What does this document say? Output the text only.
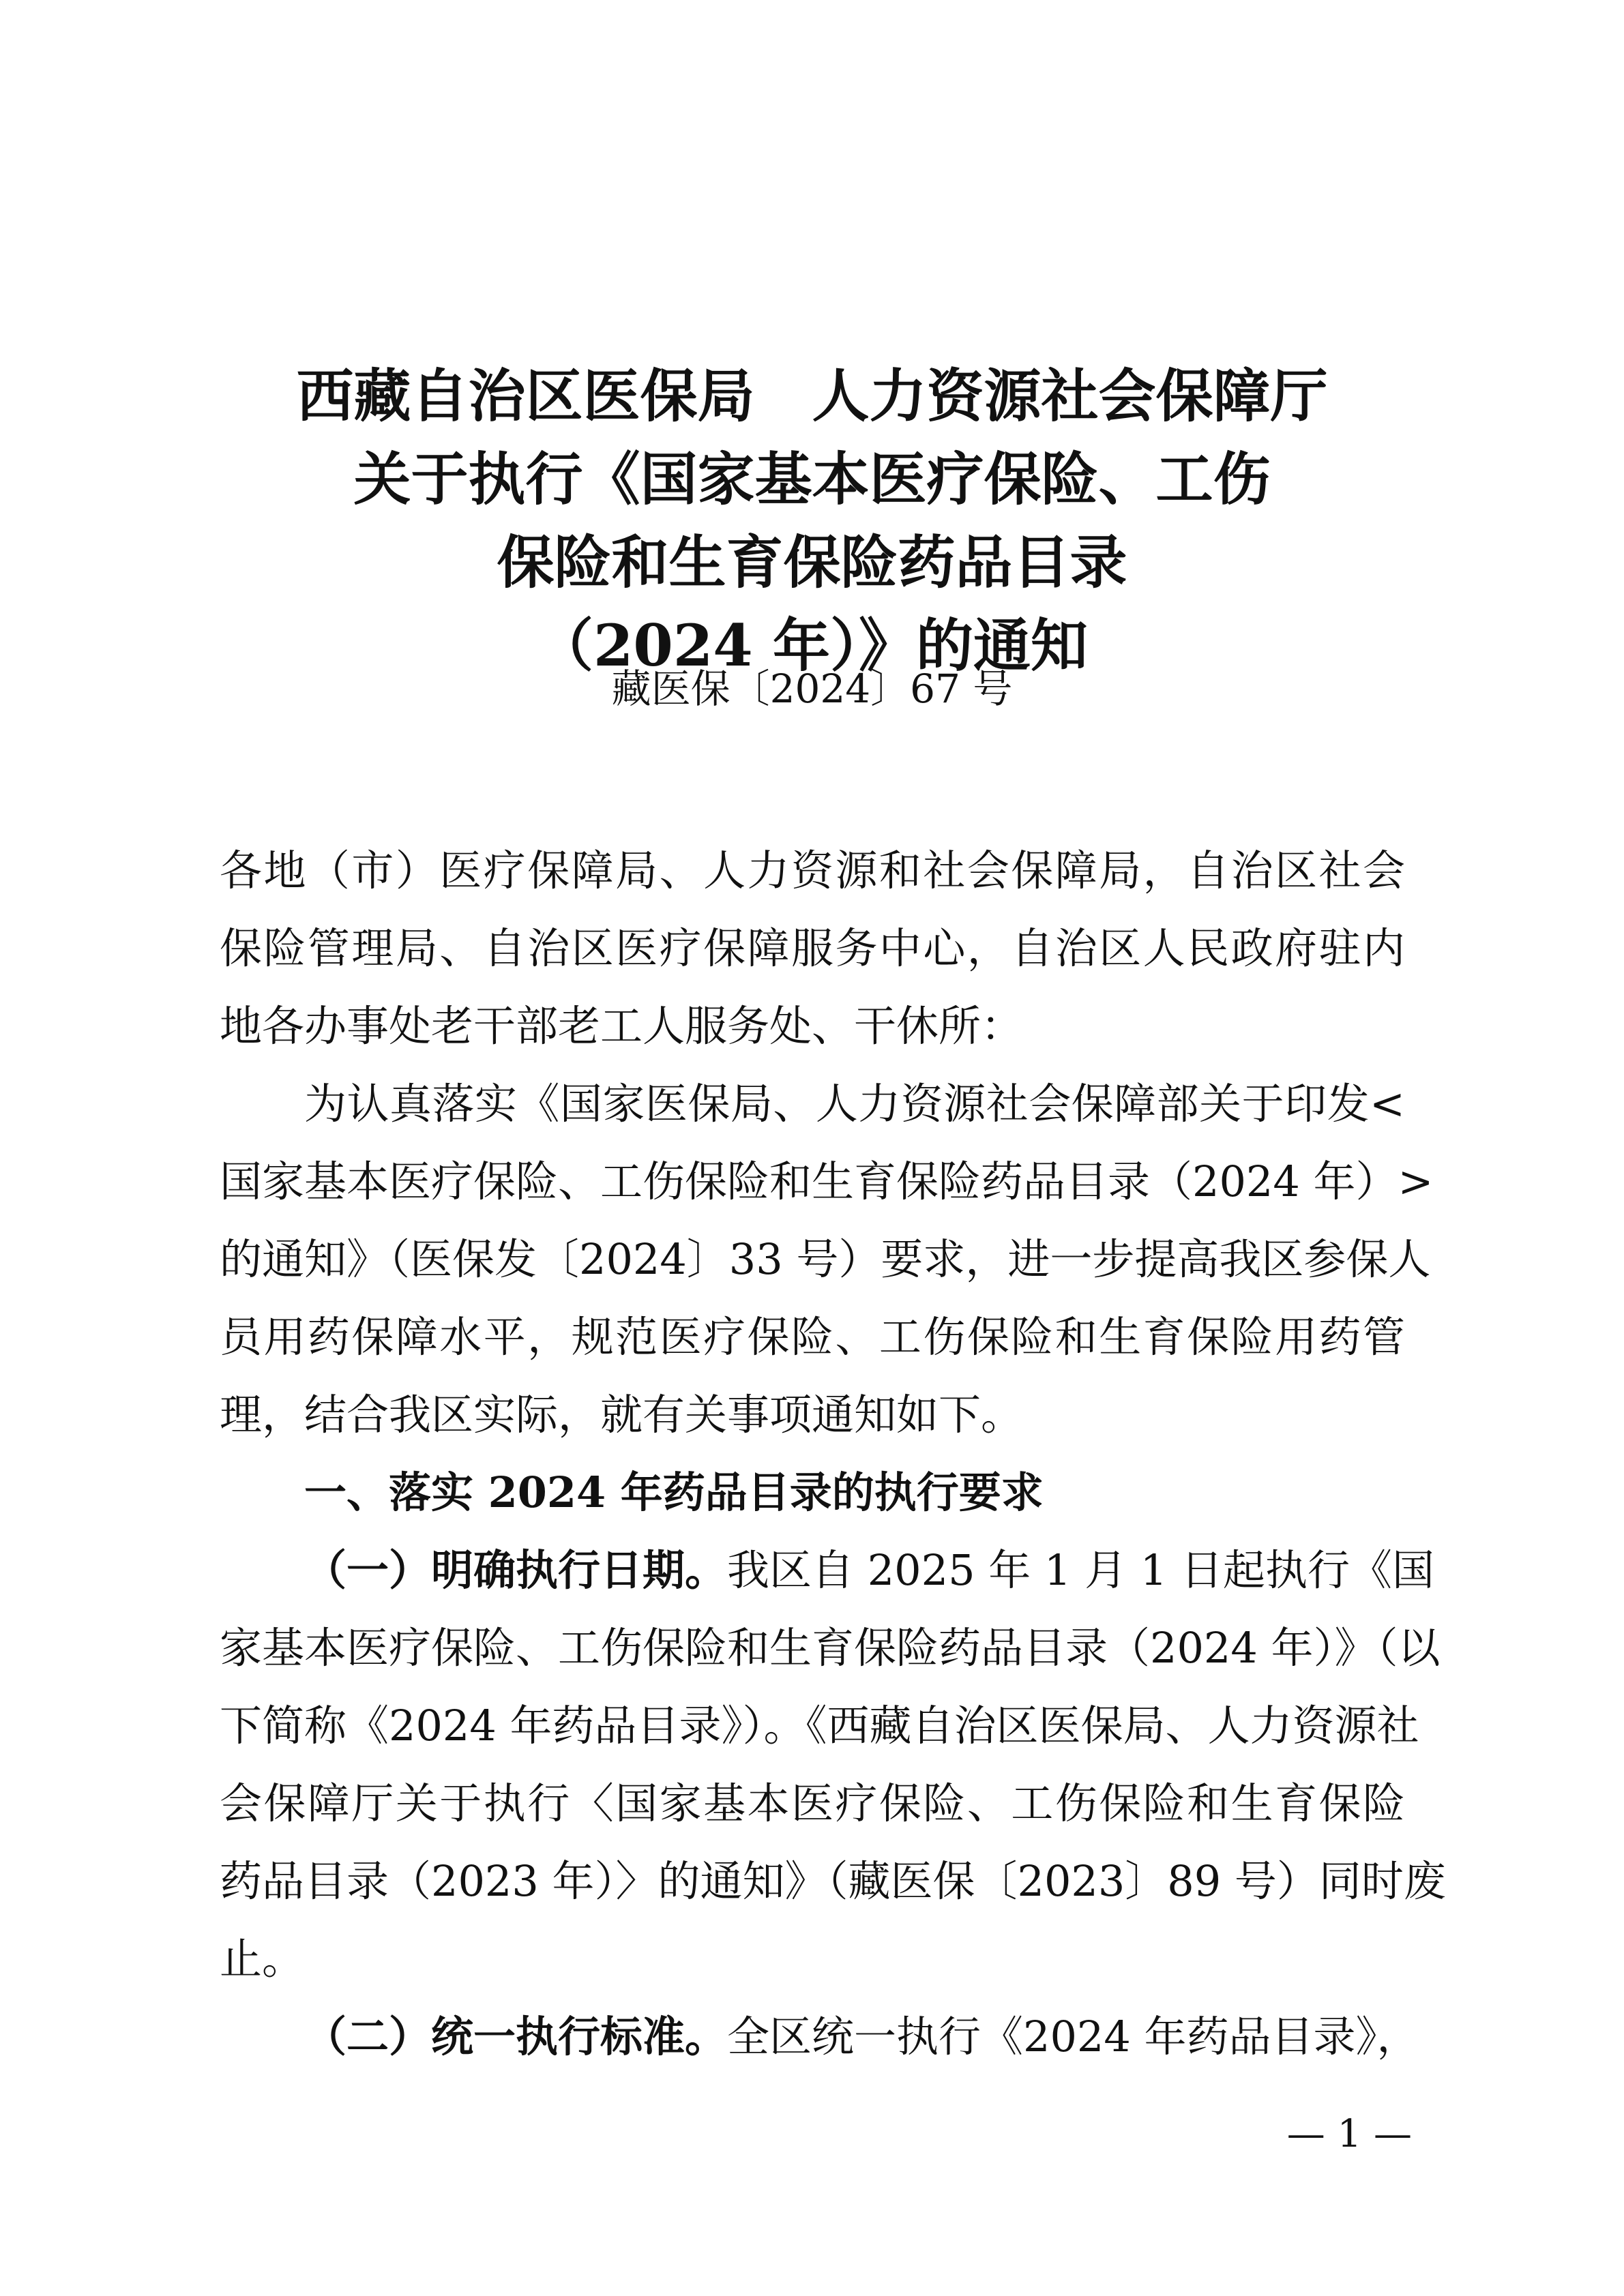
西藏自治区医保局　人力资源社会保障厅
关于执行《国家基本医疗保险、工伤
保险和生育保险药品目录
（2024 年）》的通知
藏医保〔2024〕67 号
各地（市）医疗保障局、人力资源和社会保障局，自治区社会
保险管理局、自治区医疗保障服务中心，自治区人民政府驻内
地各办事处老干部老工人服务处、干休所：
为认真落实《国家医保局、人力资源社会保障部关于印发<
国家基本医疗保险、工伤保险和生育保险药品目录（2024 年）>
的通知》（医保发〔2024〕33 号）要求，进一步提高我区参保人
员用药保障水平，规范医疗保险、工伤保险和生育保险用药管
理，结合我区实际，就有关事项通知如下。
一、落实 2024 年药品目录的执行要求
（一）明确执行日期。我区自 2025 年 1 月 1 日起执行《国
家基本医疗保险、工伤保险和生育保险药品目录（2024 年）》（以
下简称《2024 年药品目录》）。《西藏自治区医保局、人力资源社
会保障厅关于执行〈国家基本医疗保险、工伤保险和生育保险
药品目录（2023 年）〉的通知》（藏医保〔2023〕89 号）同时废
止。
（二）统一执行标准。全区统一执行《2024 年药品目录》，
— 1 —
